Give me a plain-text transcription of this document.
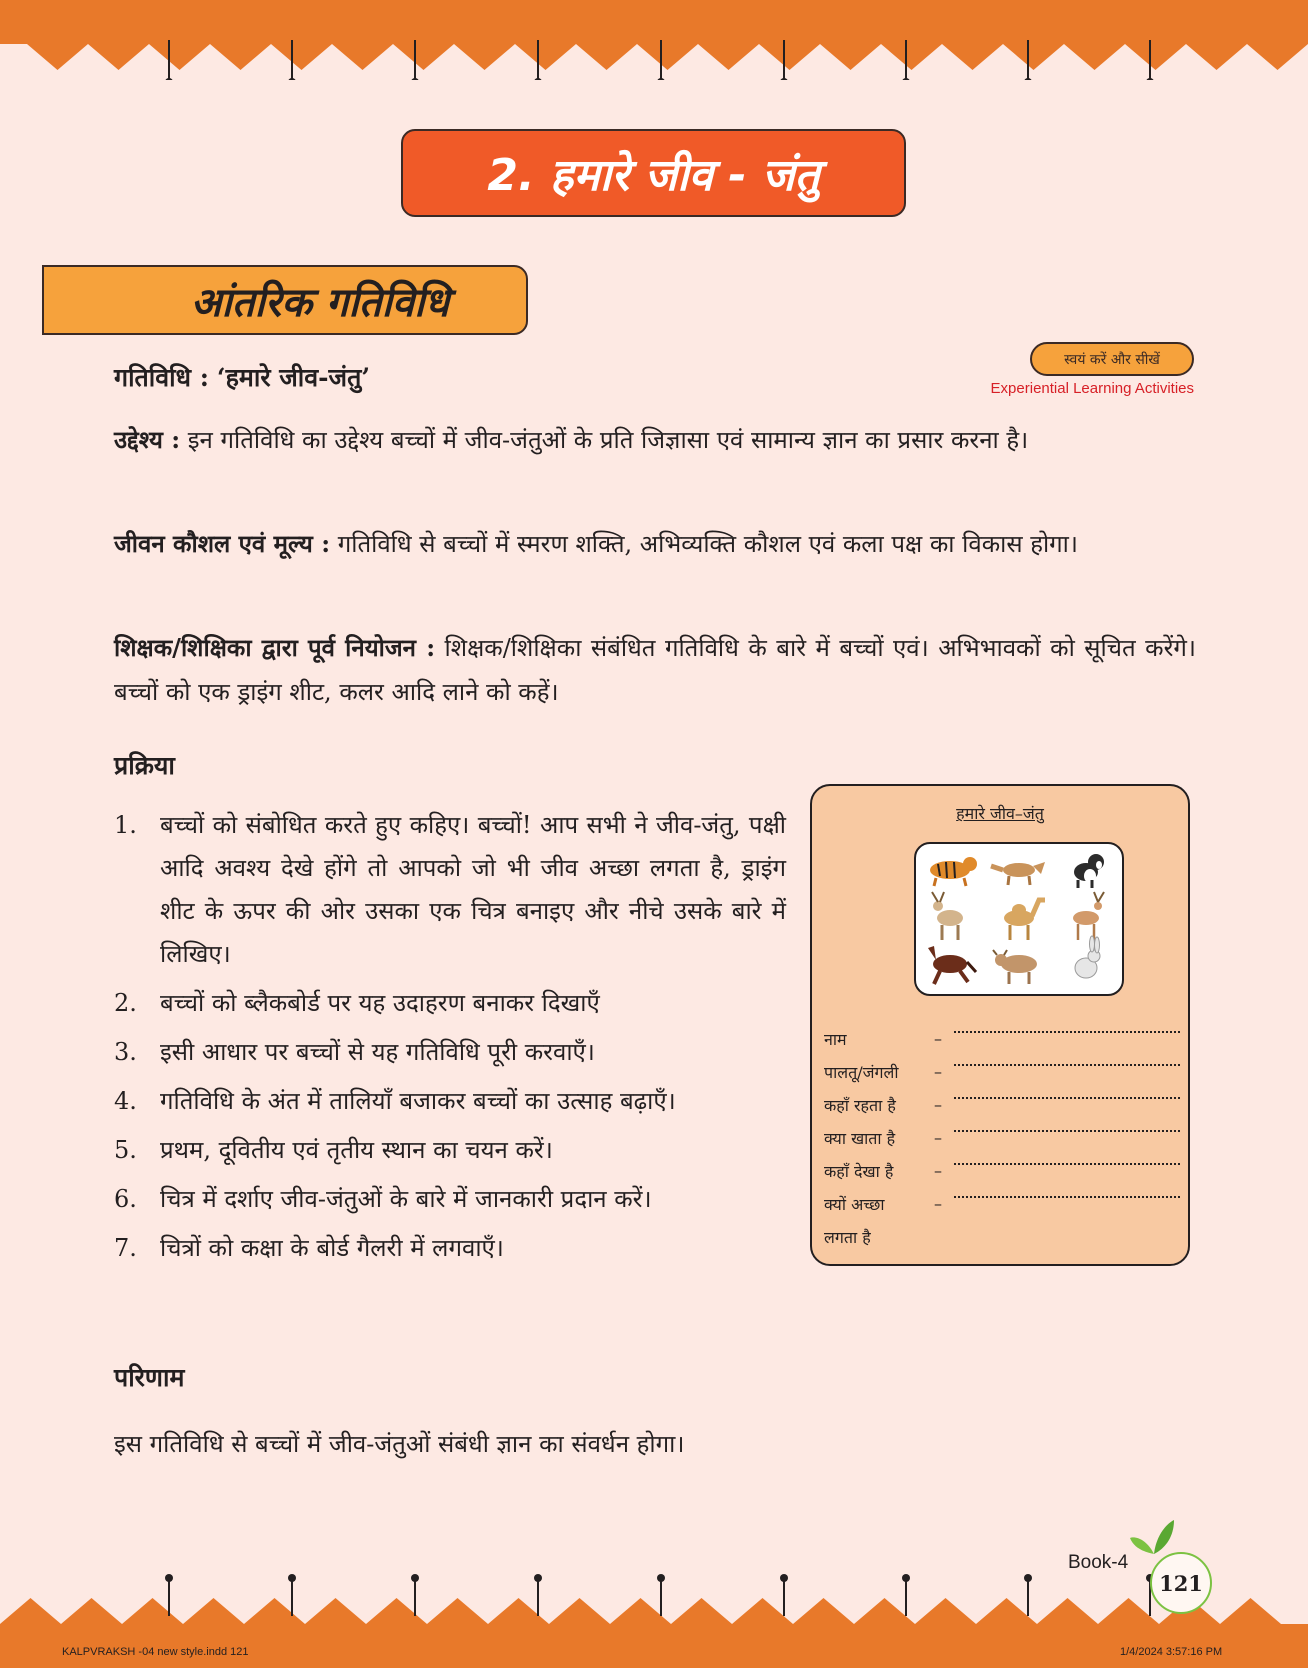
2. हमारे जीव - जंतु
आंतरिक गतिविधि
स्वयं करें और सीखें
Experiential Learning Activities
गतिविधि : ‘हमारे जीव-जंतु’
उद्देश्य : इन गतिविधि का उद्देश्य बच्चों में जीव-जंतुओं के प्रति जिज्ञासा एवं सामान्य ज्ञान का प्रसार करना है।
जीवन कौशल एवं मूल्य : गतिविधि से बच्चों में स्मरण शक्ति, अभिव्यक्ति कौशल एवं कला पक्ष का विकास होगा।
शिक्षक/शिक्षिका द्वारा पूर्व नियोजन : शिक्षक/शिक्षिका संबंधित गतिविधि के बारे में बच्चों एवं। अभिभावकों को सूचित करेंगे। बच्चों को एक ड्राइंग शीट, कलर आदि लाने को कहें।
प्रक्रिया
1. बच्चों को संबोधित करते हुए कहिए। बच्चों! आप सभी ने जीव-जंतु, पक्षी आदि अवश्य देखे होंगे तो आपको जो भी जीव अच्छा लगता है, ड्राइंग शीट के ऊपर की ओर उसका एक चित्र बनाइए और नीचे उसके बारे में लिखिए।
2. बच्चों को ब्लैकबोर्ड पर यह उदाहरण बनाकर दिखाएँ
3. इसी आधार पर बच्चों से यह गतिविधि पूरी करवाएँ।
4. गतिविधि के अंत में तालियाँ बजाकर बच्चों का उत्साह बढ़ाएँ।
5. प्रथम, दूवितीय एवं तृतीय स्थान का चयन करें।
6. चित्र में दर्शाए जीव-जंतुओं के बारे में जानकारी प्रदान करें।
7. चित्रों को कक्षा के बोर्ड गैलरी में लगवाएँ।
हमारे जीव–जंतु
नाम	–
पालतू/जंगली	–
कहाँ रहता है	–
क्या खाता है	–
कहाँ देखा है	–
क्यों अच्छा	–
लगता है
परिणाम
इस गतिविधि से बच्चों में जीव-जंतुओं संबंधी ज्ञान का संवर्धन होगा।
Book-4
121
KALPVRAKSH -04 new style.indd 121	1/4/2024 3:57:16 PM
